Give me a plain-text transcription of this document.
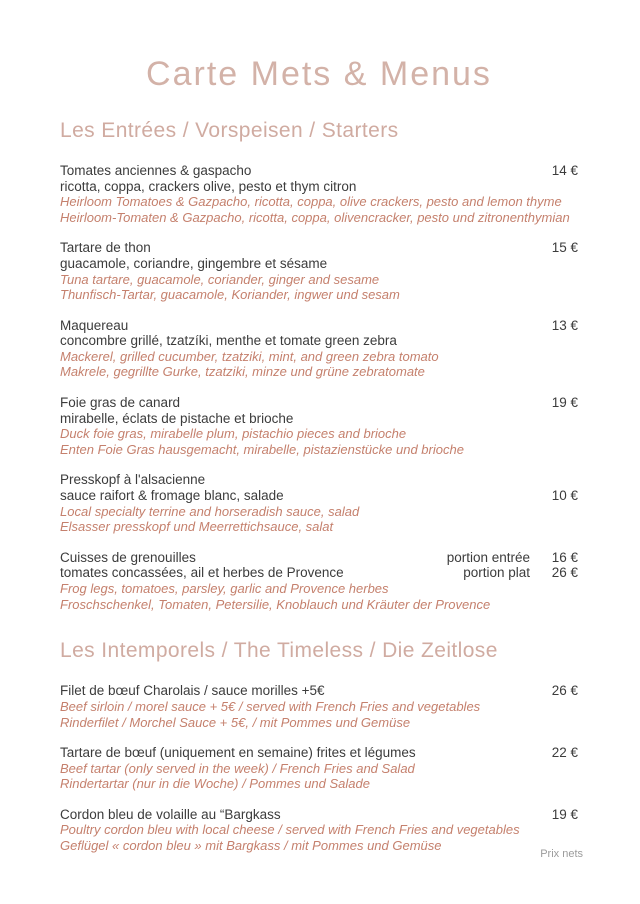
Carte Mets & Menus
Les Entrées / Vorspeisen / Starters
Tomates anciennes & gaspacho	14 €
ricotta, coppa, crackers olive, pesto et thym citron
Heirloom Tomatoes & Gazpacho, ricotta, coppa, olive crackers, pesto and lemon thyme
Heirloom-Tomaten & Gazpacho, ricotta, coppa, olivencracker, pesto und zitronenthymian
Tartare de thon	15 €
guacamole, coriandre, gingembre et sésame
Tuna tartare, guacamole, coriander, ginger and sesame
Thunfisch-Tartar, guacamole, Koriander, ingwer und sesam
Maquereau	13 €
concombre grillé, tzatzíki, menthe et tomate green zebra
Mackerel, grilled cucumber, tzatziki, mint, and green zebra tomato
Makrele, gegrillte Gurke, tzatziki, minze und grüne zebratomate
Foie gras de canard	19 €
mirabelle, éclats de pistache et brioche
Duck foie gras, mirabelle plum, pistachio pieces and brioche
Enten Foie Gras hausgemacht, mirabelle, pistazienstücke und brioche
Presskopf à l'alsacienne
sauce raifort & fromage blanc, salade	10 €
Local specialty terrine and horseradish sauce, salad
Elsasser presskopf und Meerrettichsauce, salat
Cuisses de grenouilles	portion entrée	16 €
tomates concassées, ail et herbes de Provence	portion plat	26 €
Frog legs, tomatoes, parsley, garlic and Provence herbes
Froschschenkel, Tomaten, Petersilie, Knoblauch und Kräuter der Provence
Les Intemporels / The Timeless / Die Zeitlose
Filet de bœuf Charolais / sauce morilles +5€	26 €
Beef sirloin / morel sauce + 5€ / served with French Fries and vegetables
Rinderfilet / Morchel Sauce + 5€, / mit Pommes und Gemüse
Tartare de bœuf (uniquement en semaine) frites et légumes	22 €
Beef tartar (only served in the week) / French Fries and Salad
Rindertartar (nur in die Woche) / Pommes und Salade
Cordon bleu de volaille au “Bargkass	19 €
Poultry cordon bleu with local cheese / served with French Fries and vegetables
Geflügel « cordon bleu » mit Bargkass / mit Pommes und Gemüse
Prix nets
